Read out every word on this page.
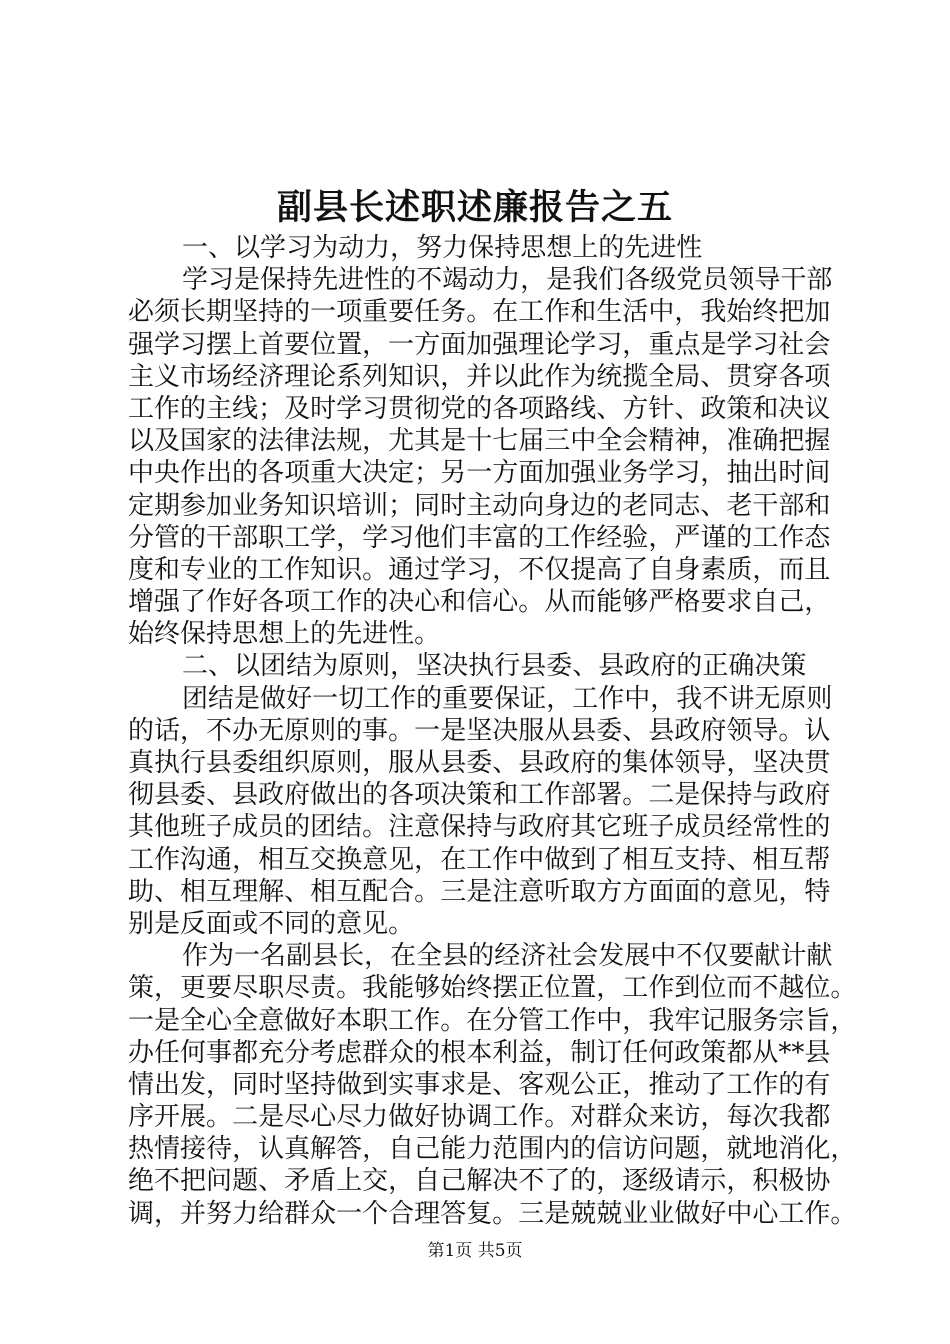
副县长述职述廉报告之五
一 、 以 学 习 为 动 力 ， 努 力 保 持 思 想 上 的 先 进 性
学 习 是 保 持 先 进 性 的 不 竭 动 力 ， 是 我 们 各 级 党 员 领 导 干 部
必 须 长 期 坚 持 的 一 项 重 要 任 务 。 在 工 作 和 生 活 中 ， 我 始 终 把 加
强 学 习 摆 上 首 要 位 置 ， 一 方 面 加 强 理 论 学 习 ， 重 点 是 学 习 社 会
主 义 市 场 经 济 理 论 系 列 知 识 ， 并 以 此 作 为 统 揽 全 局 、 贯 穿 各 项
工 作 的 主 线 ； 及 时 学 习 贯 彻 党 的 各 项 路 线 、 方 针 、 政 策 和 决 议
以 及 国 家 的 法 律 法 规 ， 尤 其 是 十 七 届 三 中 全 会 精 神 ， 准 确 把 握
中 央 作 出 的 各 项 重 大 决 定 ； 另 一 方 面 加 强 业 务 学 习 ， 抽 出 时 间
定 期 参 加 业 务 知 识 培 训 ； 同 时 主 动 向 身 边 的 老 同 志 、 老 干 部 和
分 管 的 干 部 职 工 学 ， 学 习 他 们 丰 富 的 工 作 经 验 ， 严 谨 的 工 作 态
度 和 专 业 的 工 作 知 识 。 通 过 学 习 ， 不 仅 提 高 了 自 身 素 质 ， 而 且
增 强 了 作 好 各 项 工 作 的 决 心 和 信 心 。 从 而 能 够 严 格 要 求 自 己 ，
始 终 保 持 思 想 上 的 先 进 性 。
二 、 以 团 结 为 原 则 ， 坚 决 执 行 县 委 、 县 政 府 的 正 确 决 策
团 结 是 做 好 一 切 工 作 的 重 要 保 证 ， 工 作 中 ， 我 不 讲 无 原 则
的 话 ， 不 办 无 原 则 的 事 。 一 是 坚 决 服 从 县 委 、 县 政 府 领 导 。 认
真 执 行 县 委 组 织 原 则 ， 服 从 县 委 、 县 政 府 的 集 体 领 导 ， 坚 决 贯
彻 县 委 、 县 政 府 做 出 的 各 项 决 策 和 工 作 部 署 。 二 是 保 持 与 政 府
其 他 班 子 成 员 的 团 结 。 注 意 保 持 与 政 府 其 它 班 子 成 员 经 常 性 的
工 作 沟 通 ， 相 互 交 换 意 见 ， 在 工 作 中 做 到 了 相 互 支 持 、 相 互 帮
助 、 相 互 理 解 、 相 互 配 合 。 三 是 注 意 听 取 方 方 面 面 的 意 见 ， 特
别 是 反 面 或 不 同 的 意 见 。
作 为 一 名 副 县 长 ， 在 全 县 的 经 济 社 会 发 展 中 不 仅 要 献 计 献
策 ， 更 要 尽 职 尽 责 。 我 能 够 始 终 摆 正 位 置 ， 工 作 到 位 而 不 越 位 。
一 是 全 心 全 意 做 好 本 职 工 作 。 在 分 管 工 作 中 ， 我 牢 记 服 务 宗 旨 ，
办 任 何 事 都 充 分 考 虑 群 众 的 根 本 利 益 ， 制 订 任 何 政 策 都 从 ** 县
情 出 发 ， 同 时 坚 持 做 到 实 事 求 是 、 客 观 公 正 ， 推 动 了 工 作 的 有
序 开 展 。 二 是 尽 心 尽 力 做 好 协 调 工 作 。 对 群 众 来 访 ， 每 次 我 都
热 情 接 待 ， 认 真 解 答 ， 自 己 能 力 范 围 内 的 信 访 问 题 ， 就 地 消 化 ，
绝 不 把 问 题 、 矛 盾 上 交 ， 自 己 解 决 不 了 的 ， 逐 级 请 示 ， 积 极 协
调 ， 并 努 力 给 群 众 一 个 合 理 答 复 。 三 是 兢 兢 业 业 做 好 中 心 工 作 。
第1页 共5页
